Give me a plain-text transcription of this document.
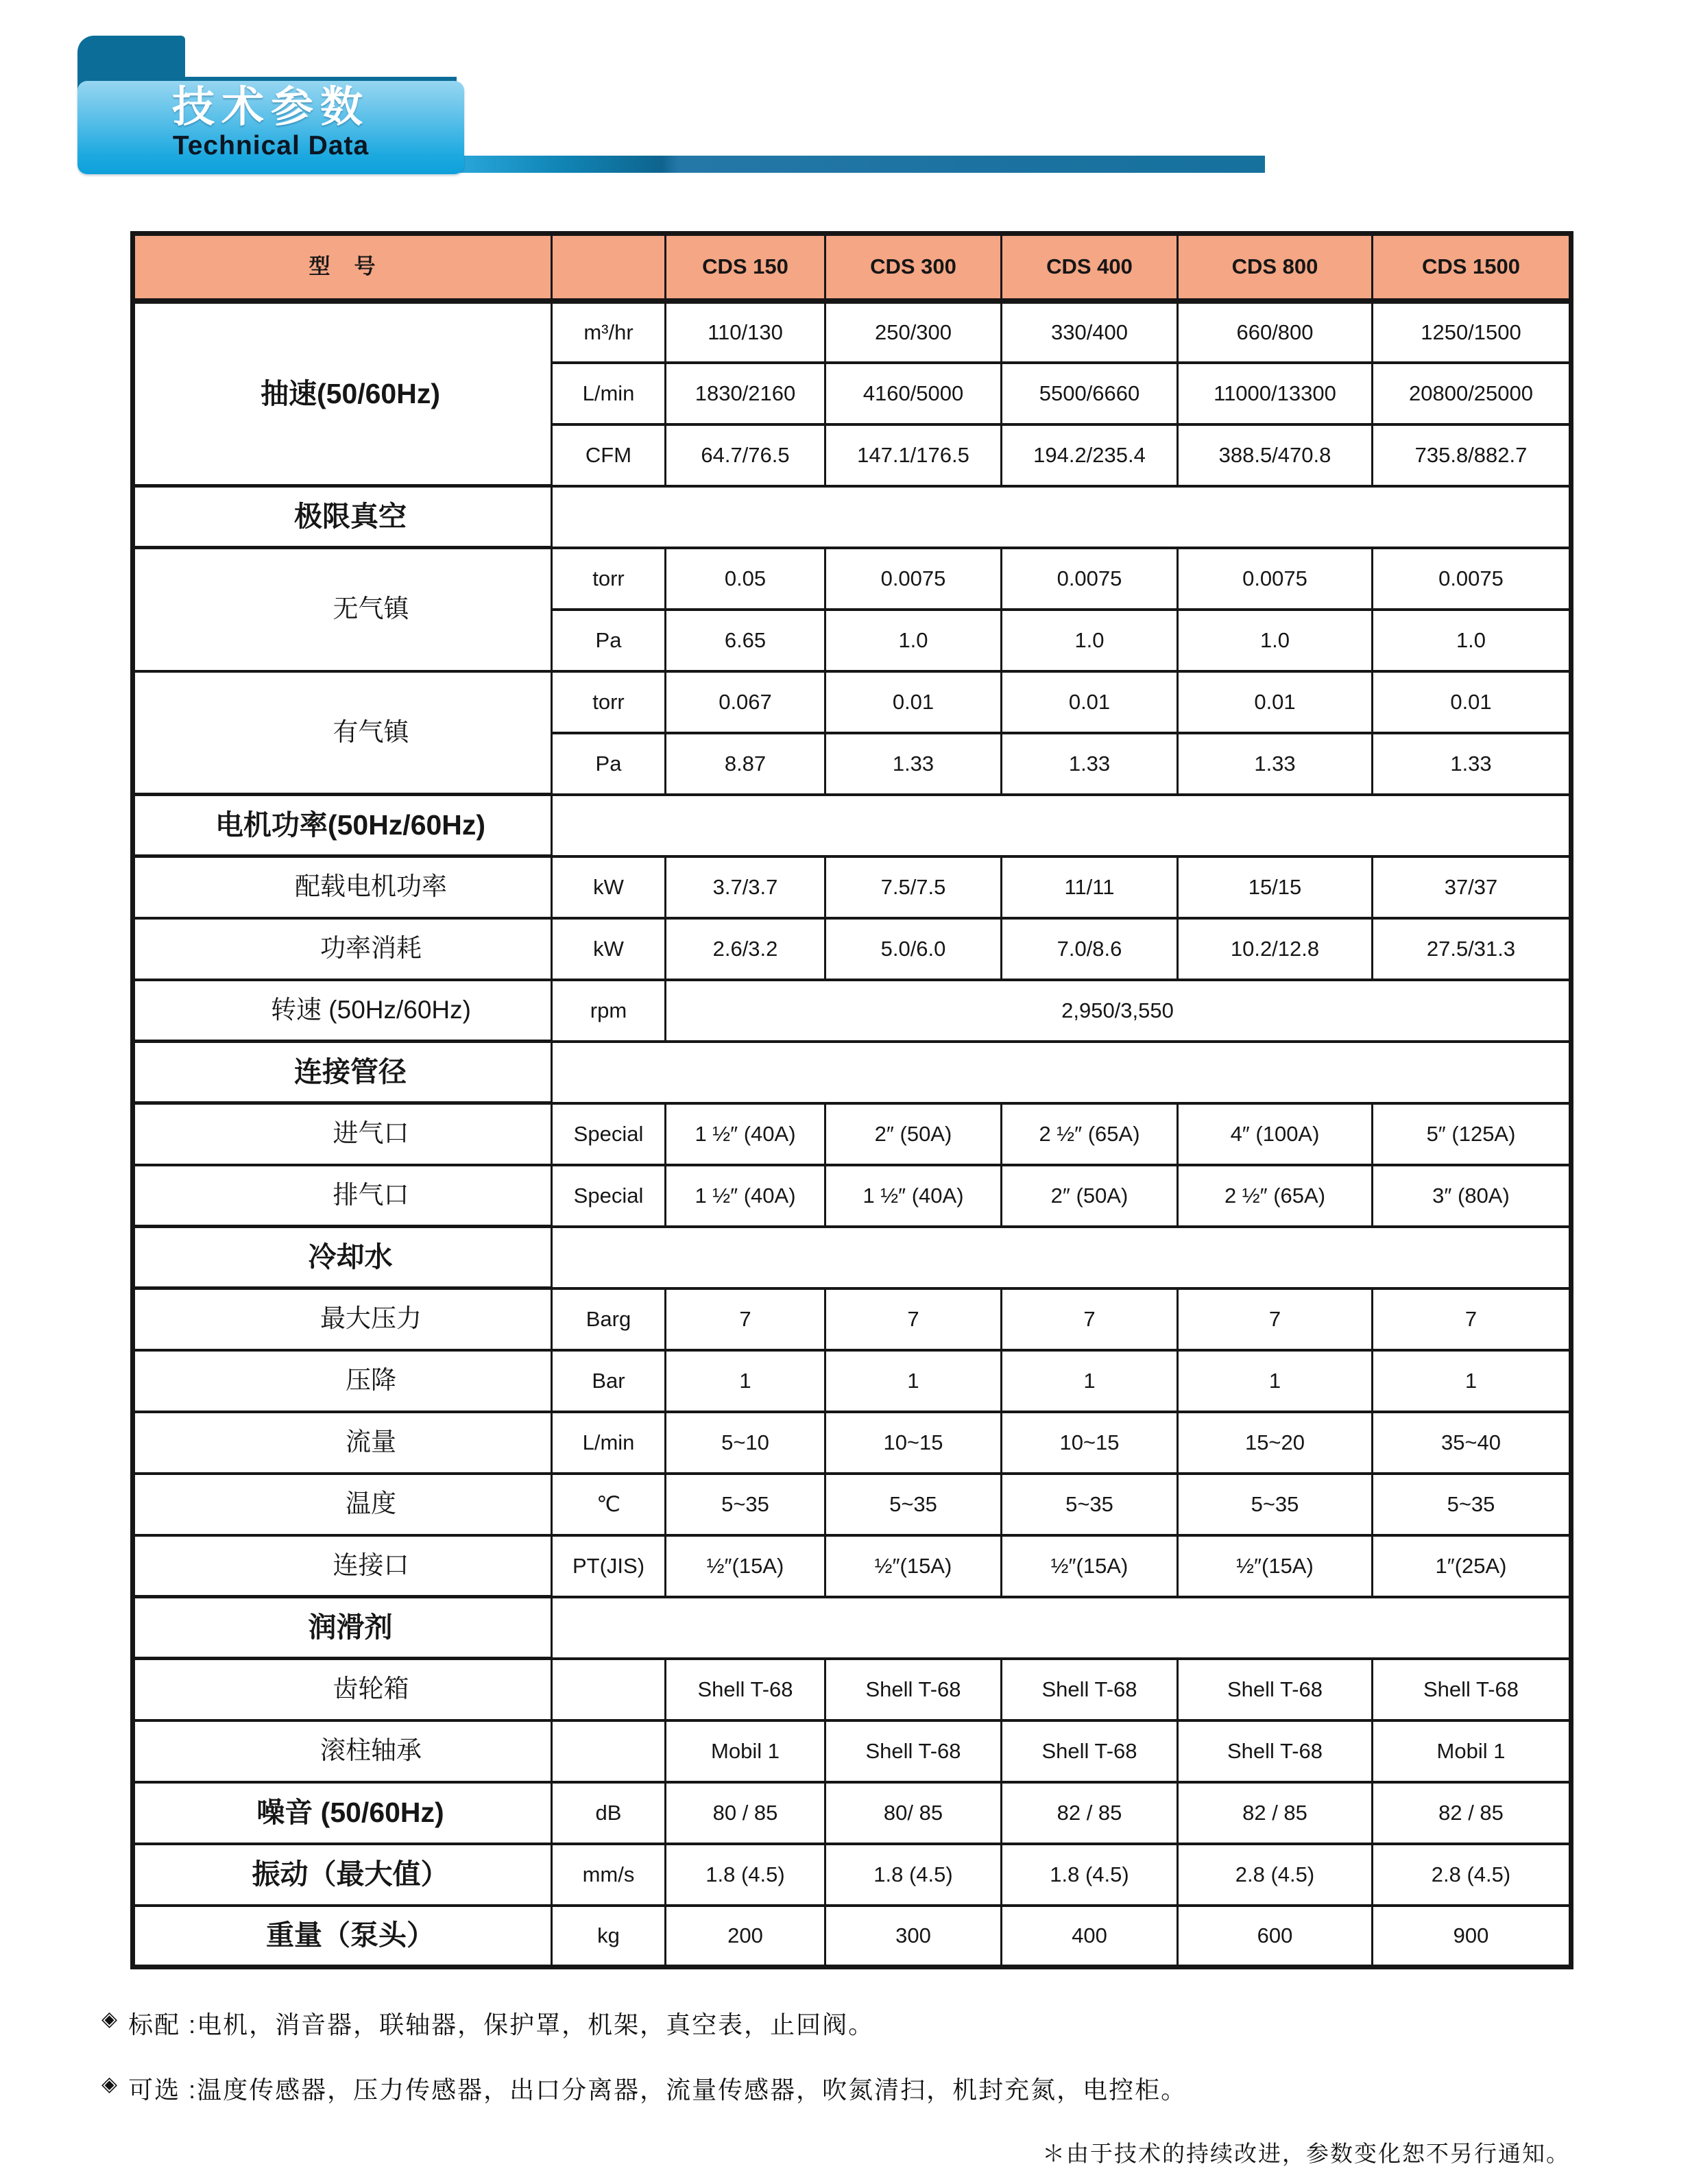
技术参数
Technical Data
型　号		CDS 150	CDS 300	CDS 400	CDS 800	CDS 1500
抽速(50/60Hz)	m³/hr	110/130	250/300	330/400	660/800	1250/1500
	L/min	1830/2160	4160/5000	5500/6660	11000/13300	20800/25000
	CFM	64.7/76.5	147.1/176.5	194.2/235.4	388.5/470.8	735.8/882.7
极限真空						
无气镇	torr	0.05	0.0075	0.0075	0.0075	0.0075
	Pa	6.65	1.0	1.0	1.0	1.0
有气镇	torr	0.067	0.01	0.01	0.01	0.01
	Pa	8.87	1.33	1.33	1.33	1.33
电机功率(50Hz/60Hz)						
配载电机功率	kW	3.7/3.7	7.5/7.5	11/11	15/15	37/37
功率消耗	kW	2.6/3.2	5.0/6.0	7.0/8.6	10.2/12.8	27.5/31.3
转速 (50Hz/60Hz)	rpm	2,950/3,550				
连接管径						
进气口	Special	1 ½″ (40A)	2″ (50A)	2 ½″ (65A)	4″ (100A)	5″ (125A)
排气口	Special	1 ½″ (40A)	1 ½″ (40A)	2″ (50A)	2 ½″ (65A)	3″ (80A)
冷却水						
最大压力	Barg	7	7	7	7	7
压降	Bar	1	1	1	1	1
流量	L/min	5~10	10~15	10~15	15~20	35~40
温度	℃	5~35	5~35	5~35	5~35	5~35
连接口	PT(JIS)	½″(15A)	½″(15A)	½″(15A)	½″(15A)	1″(25A)
润滑剂						
齿轮箱		Shell T-68	Shell T-68	Shell T-68	Shell T-68	Shell T-68
滚柱轴承		Mobil 1	Shell T-68	Shell T-68	Shell T-68	Mobil 1
噪音 (50/60Hz)	dB	80 / 85	80/ 85	82 / 85	82 / 85	82 / 85
振动（最大值）	mm/s	1.8 (4.5)	1.8 (4.5)	1.8 (4.5)	2.8 (4.5)	2.8 (4.5)
重量（泵头）	kg	200	300	400	600	900
◈ 标配 :电机，消音器，联轴器，保护罩，机架，真空表，止回阀。
◈ 可选 :温度传感器，压力传感器，出口分离器，流量传感器，吹氮清扫，机封充氮，电控柜。
＊由于技术的持续改进，参数变化恕不另行通知。
